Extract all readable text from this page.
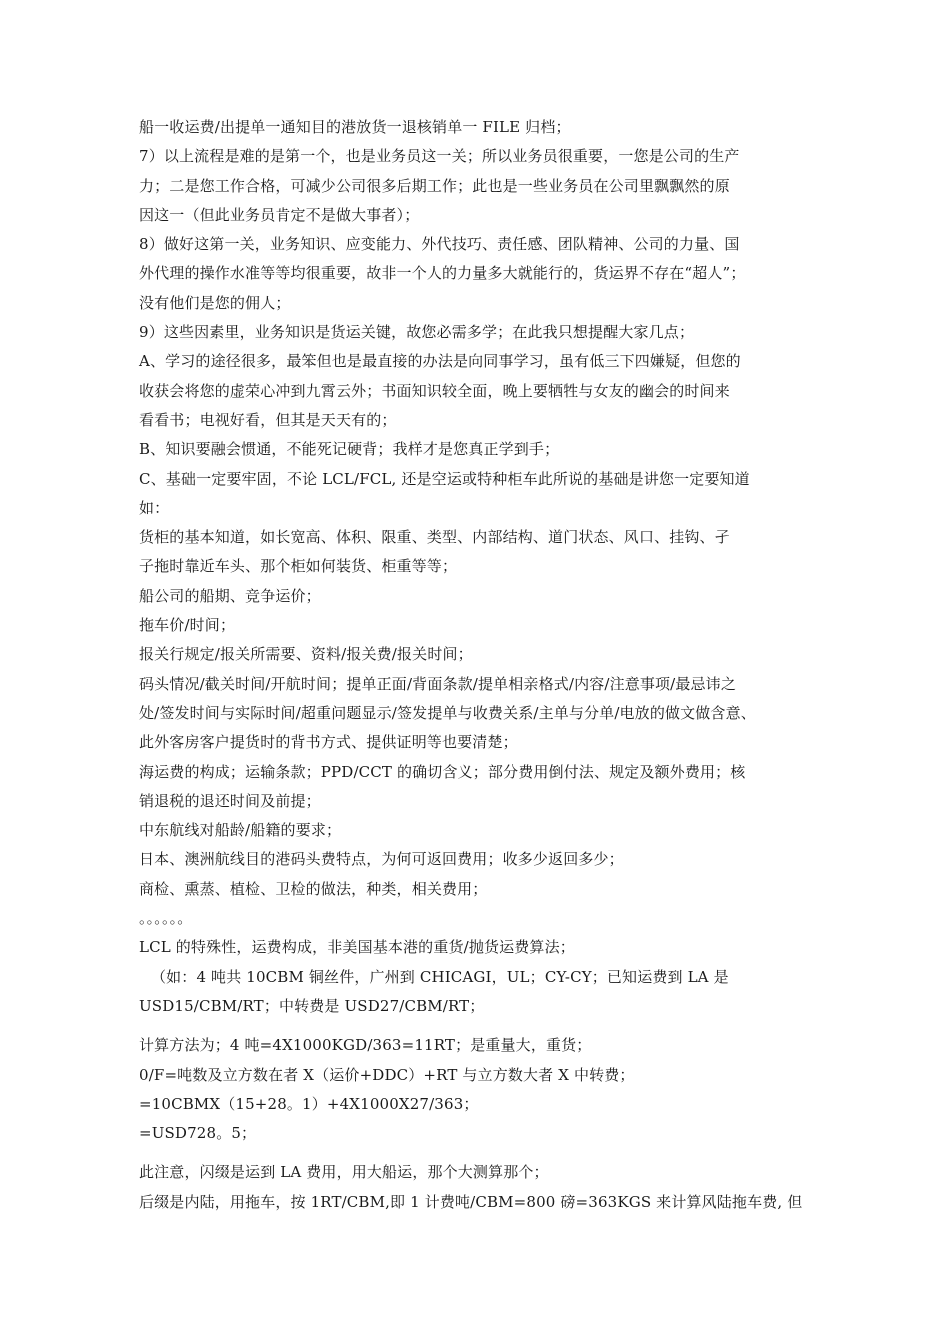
船一收运费/出提单一通知目的港放货一退核销单一 FILE 归档；
7）以上流程是难的是第一个，也是业务员这一关；所以业务员很重要，一您是公司的生产
力；二是您工作合格，可减少公司很多后期工作；此也是一些业务员在公司里飘飘然的原
因这一（但此业务员肯定不是做大事者）；
8）做好这第一关，业务知识、应变能力、外代技巧、责任感、团队精神、公司的力量、国
外代理的操作水准等等均很重要，故非一个人的力量多大就能行的，货运界不存在“超人”；
没有他们是您的佣人；
9）这些因素里，业务知识是货运关键，故您必需多学；在此我只想提醒大家几点；
A、学习的途径很多，最笨但也是最直接的办法是向同事学习，虽有低三下四嫌疑，但您的
收获会将您的虚荣心冲到九霄云外；书面知识较全面，晚上要牺牲与女友的幽会的时间来
看看书；电视好看，但其是天天有的；
B、知识要融会惯通，不能死记硬背；我样才是您真正学到手；
C、基础一定要牢固，不论 LCL/FCL, 还是空运或特种柜车此所说的基础是讲您一定要知道
如：
货柜的基本知道，如长宽高、体积、限重、类型、内部结构、道门状态、风口、挂钩、孑
子拖时靠近车头、那个柜如何装货、柜重等等；
船公司的船期、竞争运价；
拖车价/时间；
报关行规定/报关所需要、资料/报关费/报关时间；
码头情况/截关时间/开航时间；提单正面/背面条款/提单相亲格式/内容/注意事项/最忌讳之
处/签发时间与实际时间/超重问题显示/签发提单与收费关系/主单与分单/电放的做文做含意、
此外客房客户提货时的背书方式、提供证明等也要清楚；
海运费的构成；运输条款；PPD/CCT 的确切含义；部分费用倒付法、规定及额外费用；核
销退税的退还时间及前提；
中东航线对船龄/船籍的要求；
日本、澳洲航线目的港码头费特点，为何可返回费用；收多少返回多少；
商检、熏蒸、植检、卫检的做法，种类，相关费用；
。。。。。。
LCL 的特殊性，运费构成，非美国基本港的重货/抛货运费算法；
（如：4 吨共 10CBM 铜丝件，广州到 CHICAGI，UL；CY-CY；已知运费到 LA 是
USD15/CBM/RT；中转费是 USD27/CBM/RT；
计算方法为；4 吨=4X1000KGD/363=11RT；是重量大，重货；
0/F=吨数及立方数在者 X（运价+DDC）+RT 与立方数大者 X 中转费；
=10CBMX（15+28。1）+4X1000X27/363；
=USD728。5；
此注意，闪缀是运到 LA 费用，用大船运，那个大测算那个；
后缀是内陆，用拖车，按 1RT/CBM,即 1 计费吨/CBM=800 磅=363KGS 来计算风陆拖车费, 但
